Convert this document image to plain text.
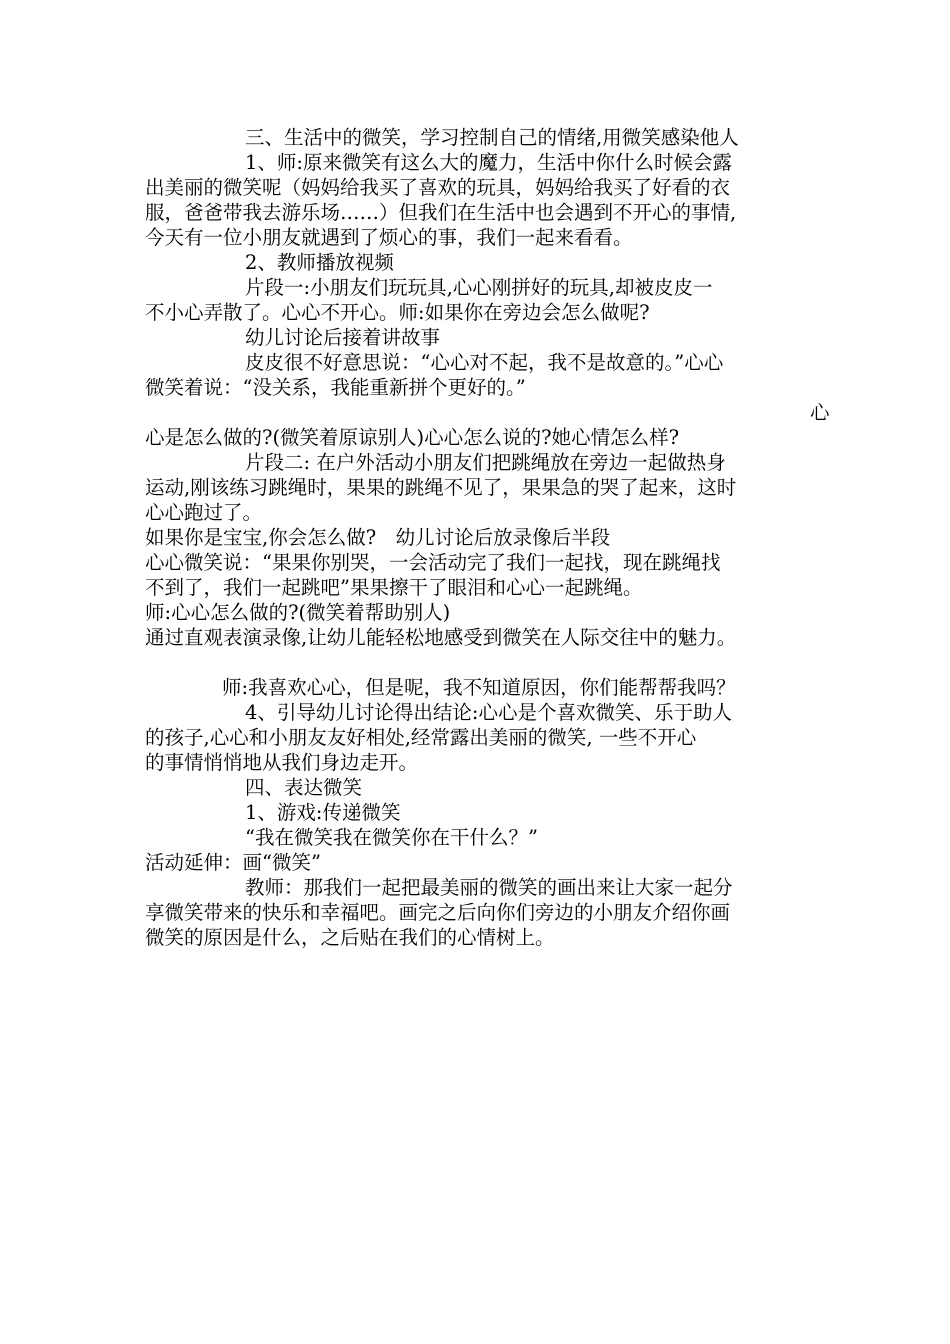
三、生活中的微笑，学习控制自己的情绪,用微笑感染他人
1、师:原来微笑有这么大的魔力，生活中你什么时候会露
出美丽的微笑呢（妈妈给我买了喜欢的玩具，妈妈给我买了好看的衣
服，爸爸带我去游乐场……）但我们在生活中也会遇到不开心的事情,
今天有一位小朋友就遇到了烦心的事，我们一起来看看。
2、教师播放视频
片段一:小朋友们玩玩具,心心刚拼好的玩具,却被皮皮一
不小心弄散了。心心不开心。师:如果你在旁边会怎么做呢?
幼儿讨论后接着讲故事
皮皮很不好意思说：“心心对不起，我不是故意的。”心心
微笑着说：“没关系，我能重新拼个更好的。”
心
心是怎么做的?(微笑着原谅别人)心心怎么说的?她心情怎么样?
片段二: 在户外活动小朋友们把跳绳放在旁边一起做热身
运动,刚该练习跳绳时，果果的跳绳不见了，果果急的哭了起来，这时
心心跑过了。
如果你是宝宝,你会怎么做?　幼儿讨论后放录像后半段
心心微笑说：“果果你别哭，一会活动完了我们一起找，现在跳绳找
不到了，我们一起跳吧”果果擦干了眼泪和心心一起跳绳。
师:心心怎么做的?(微笑着帮助别人)
通过直观表演录像,让幼儿能轻松地感受到微笑在人际交往中的魅力。
师:我喜欢心心，但是呢，我不知道原因，你们能帮帮我吗？
4、引导幼儿讨论得出结论:心心是个喜欢微笑、乐于助人
的孩子,心心和小朋友友好相处,经常露出美丽的微笑, 一些不开心
的事情悄悄地从我们身边走开。
四、表达微笑
1、游戏:传递微笑
“我在微笑我在微笑你在干什么？”
活动延伸：画“微笑”
教师：那我们一起把最美丽的微笑的画出来让大家一起分
享微笑带来的快乐和幸福吧。画完之后向你们旁边的小朋友介绍你画
微笑的原因是什么，之后贴在我们的心情树上。
